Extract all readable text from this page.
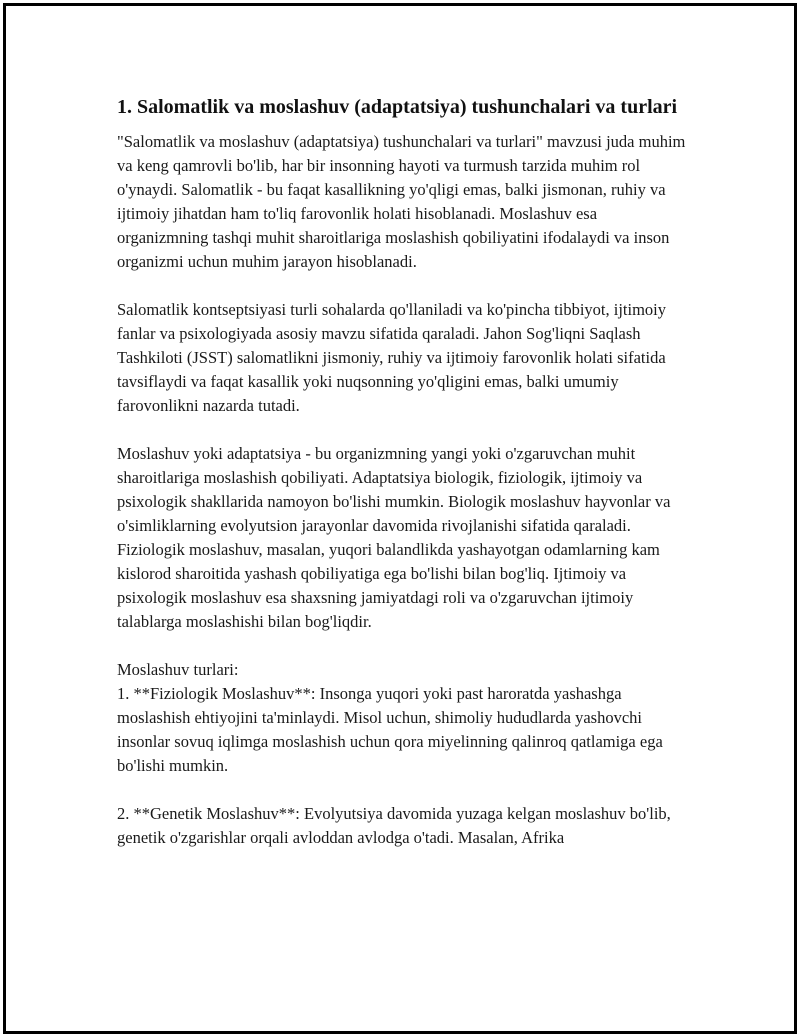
1. Salomatlik va moslashuv (adaptatsiya) tushunchalari va turlari

"Salomatlik va moslashuv (adaptatsiya) tushunchalari va turlari" mavzusi juda muhim va keng qamrovli bo'lib, har bir insonning hayoti va turmush tarzida muhim rol o'ynaydi. Salomatlik - bu faqat kasallikning yo'qligi emas, balki jismonan, ruhiy va ijtimoiy jihatdan ham to'liq farovonlik holati hisoblanadi. Moslashuv esa organizmning tashqi muhit sharoitlariga moslashish qobiliyatini ifodalaydi va inson organizmi uchun muhim jarayon hisoblanadi.

Salomatlik kontseptsiyasi turli sohalarda qo'llaniladi va ko'pincha tibbiyot, ijtimoiy fanlar va psixologiyada asosiy mavzu sifatida qaraladi. Jahon Sog'liqni Saqlash Tashkiloti (JSST) salomatlikni jismoniy, ruhiy va ijtimoiy farovonlik holati sifatida tavsiflaydi va faqat kasallik yoki nuqsonning yo'qligini emas, balki umumiy farovonlikni nazarda tutadi.

Moslashuv yoki adaptatsiya - bu organizmning yangi yoki o'zgaruvchan muhit sharoitlariga moslashish qobiliyati. Adaptatsiya biologik, fiziologik, ijtimoiy va psixologik shakllarida namoyon bo'lishi mumkin. Biologik moslashuv hayvonlar va o'simliklarning evolyutsion jarayonlar davomida rivojlanishi sifatida qaraladi. Fiziologik moslashuv, masalan, yuqori balandlikda yashayotgan odamlarning kam kislorod sharoitida yashash qobiliyatiga ega bo'lishi bilan bog'liq. Ijtimoiy va psixologik moslashuv esa shaxsning jamiyatdagi roli va o'zgaruvchan ijtimoiy talablarga moslashishi bilan bog'liqdir.

Moslashuv turlari:

1. **Fiziologik Moslashuv**: Insonga yuqori yoki past haroratda yashashga moslashish ehtiyojini ta'minlaydi. Misol uchun, shimoliy hududlarda yashovchi insonlar sovuq iqlimga moslashish uchun qora miyelinning qalinroq qatlamiga ega bo'lishi mumkin.

2. **Genetik Moslashuv**: Evolyutsiya davomida yuzaga kelgan moslashuv bo'lib, genetik o'zgarishlar orqali avloddan avlodga o'tadi. Masalan, Afrika
